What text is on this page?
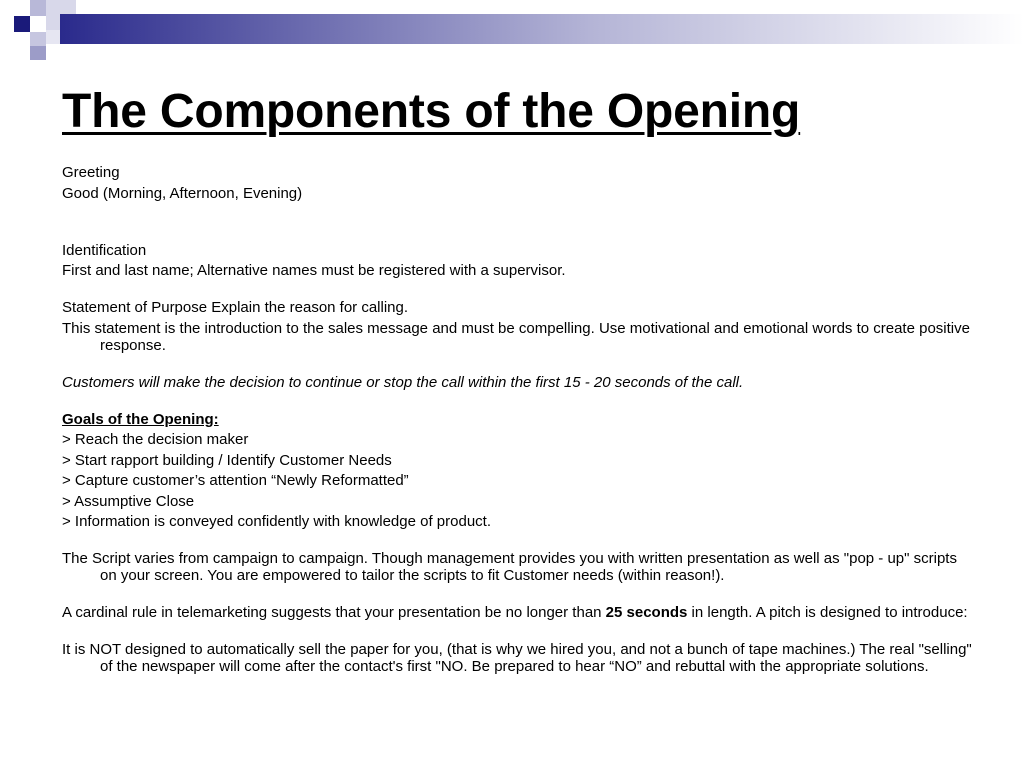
The Components of the Opening
Greeting
Good (Morning, Afternoon, Evening)
Identification
First and last name; Alternative names must be registered with a supervisor.
Statement of Purpose Explain the reason for calling.
This statement is the introduction to the sales message and must be compelling. Use motivational and emotional words to create positive response.
Customers will make the decision to continue or stop the call within the first 15 - 20 seconds of the call.
Goals of the Opening:
> Reach the decision maker
> Start rapport building / Identify Customer Needs
> Capture customer’s attention “Newly Reformatted”
> Assumptive Close
> Information is conveyed confidently with knowledge of product.
The Script varies from campaign to campaign. Though management provides you with written presentation as well as "pop - up" scripts on your screen. You are empowered to tailor the scripts to fit Customer needs (within reason!).
A cardinal rule in telemarketing suggests that your presentation be no longer than 25 seconds in length. A pitch is designed to introduce:
It is NOT designed to automatically sell the paper for you, (that is why we hired you, and not a bunch of tape machines.) The real "selling" of the newspaper will come after the contact's first "NO. Be prepared to hear “NO” and rebuttal with the appropriate solutions.
